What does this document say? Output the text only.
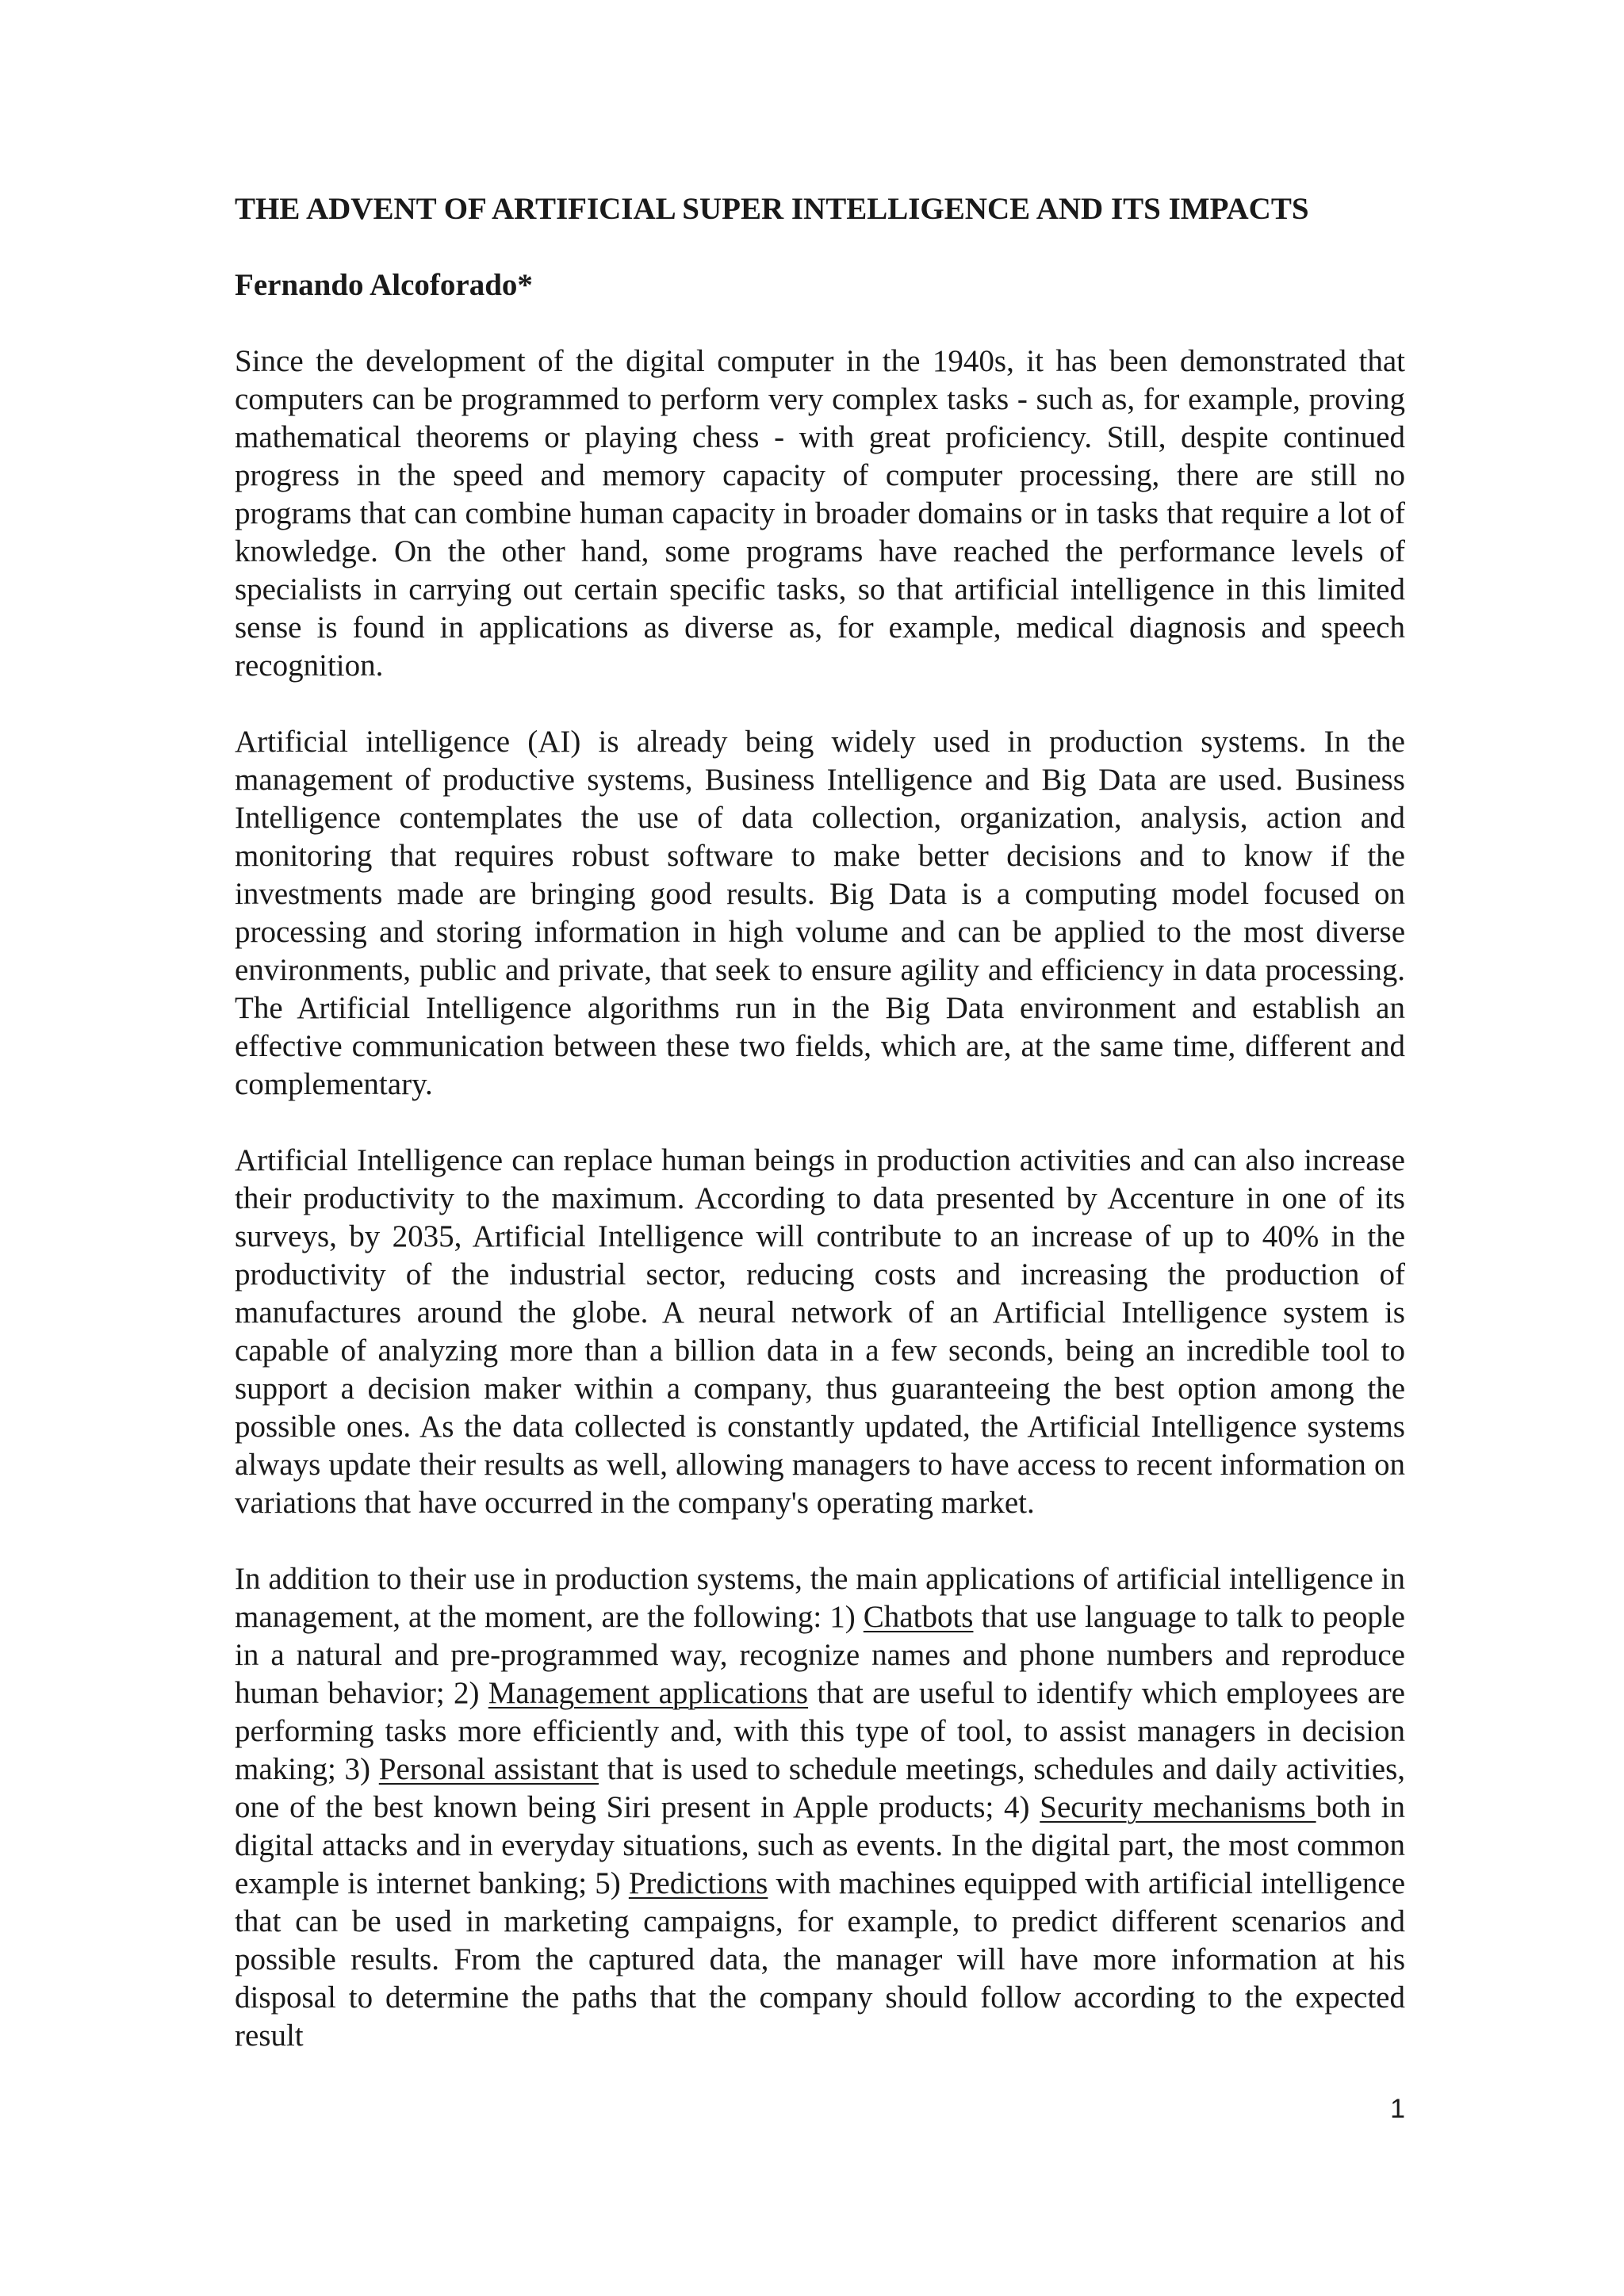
THE ADVENT OF ARTIFICIAL SUPER INTELLIGENCE AND ITS IMPACTS
Fernando Alcoforado*

Since the development of the digital computer in the 1940s, it has been demonstrated that computers can be programmed to perform very complex tasks - such as, for example, proving mathematical theorems or playing chess - with great proficiency. Still, despite continued progress in the speed and memory capacity of computer processing, there are still no programs that can combine human capacity in broader domains or in tasks that require a lot of knowledge. On the other hand, some programs have reached the performance levels of specialists in carrying out certain specific tasks, so that artificial intelligence in this limited sense is found in applications as diverse as, for example, medical diagnosis and speech recognition.

Artificial intelligence (AI) is already being widely used in production systems. In the management of productive systems, Business Intelligence and Big Data are used. Business Intelligence contemplates the use of data collection, organization, analysis, action and monitoring that requires robust software to make better decisions and to know if the investments made are bringing good results. Big Data is a computing model focused on processing and storing information in high volume and can be applied to the most diverse environments, public and private, that seek to ensure agility and efficiency in data processing. The Artificial Intelligence algorithms run in the Big Data environment and establish an effective communication between these two fields, which are, at the same time, different and complementary.

Artificial Intelligence can replace human beings in production activities and can also increase their productivity to the maximum. According to data presented by Accenture in one of its surveys, by 2035, Artificial Intelligence will contribute to an increase of up to 40% in the productivity of the industrial sector, reducing costs and increasing the production of manufactures around the globe. A neural network of an Artificial Intelligence system is capable of analyzing more than a billion data in a few seconds, being an incredible tool to support a decision maker within a company, thus guaranteeing the best option among the possible ones. As the data collected is constantly updated, the Artificial Intelligence systems always update their results as well, allowing managers to have access to recent information on variations that have occurred in the company's operating market.

In addition to their use in production systems, the main applications of artificial intelligence in management, at the moment, are the following: 1) Chatbots that use language to talk to people in a natural and pre-programmed way, recognize names and phone numbers and reproduce human behavior; 2) Management applications that are useful to identify which employees are performing tasks more efficiently and, with this type of tool, to assist managers in decision making; 3) Personal assistant that is used to schedule meetings, schedules and daily activities, one of the best known being Siri present in Apple products; 4) Security mechanisms both in digital attacks and in everyday situations, such as events. In the digital part, the most common example is internet banking; 5) Predictions with machines equipped with artificial intelligence that can be used in marketing campaigns, for example, to predict different scenarios and possible results. From the captured data, the manager will have more information at his disposal to determine the paths that the company should follow according to the expected result

1
